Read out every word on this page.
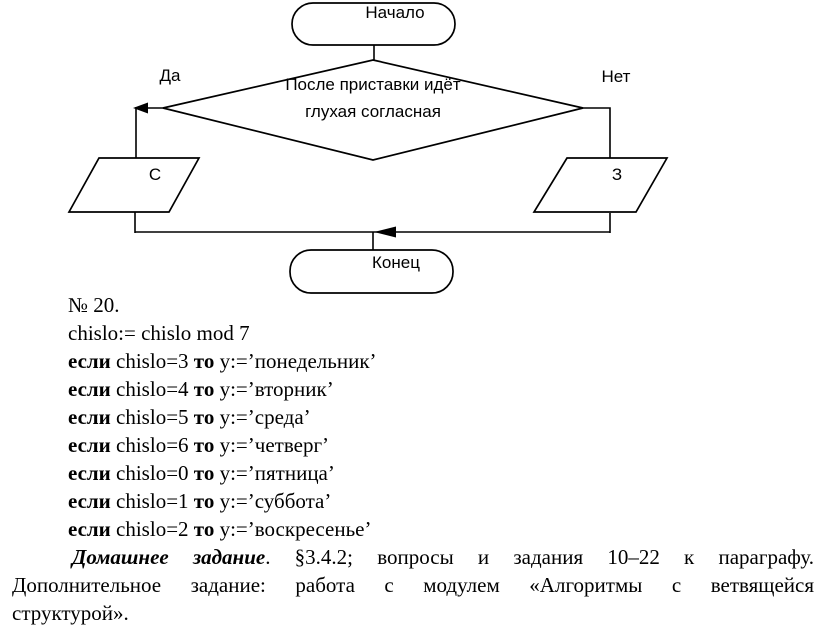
Начало
После приставки идёт
глухая согласная
Да	Нет
С	З
Конец
№ 20.
chislo:= chislo mod 7
если chislo=3 то y:=’понедельник’
если chislo=4 то y:=’вторник’
если chislo=5 то y:=’среда’
если chislo=6 то y:=’четверг’
если chislo=0 то y:=’пятница’
если chislo=1 то y:=’суббота’
если chislo=2 то y:=’воскресенье’
Домашнее задание. §3.4.2; вопросы и задания 10–22 к параграфу.
Дополнительное задание: работа с модулем «Алгоритмы с ветвящейся
структурой».
